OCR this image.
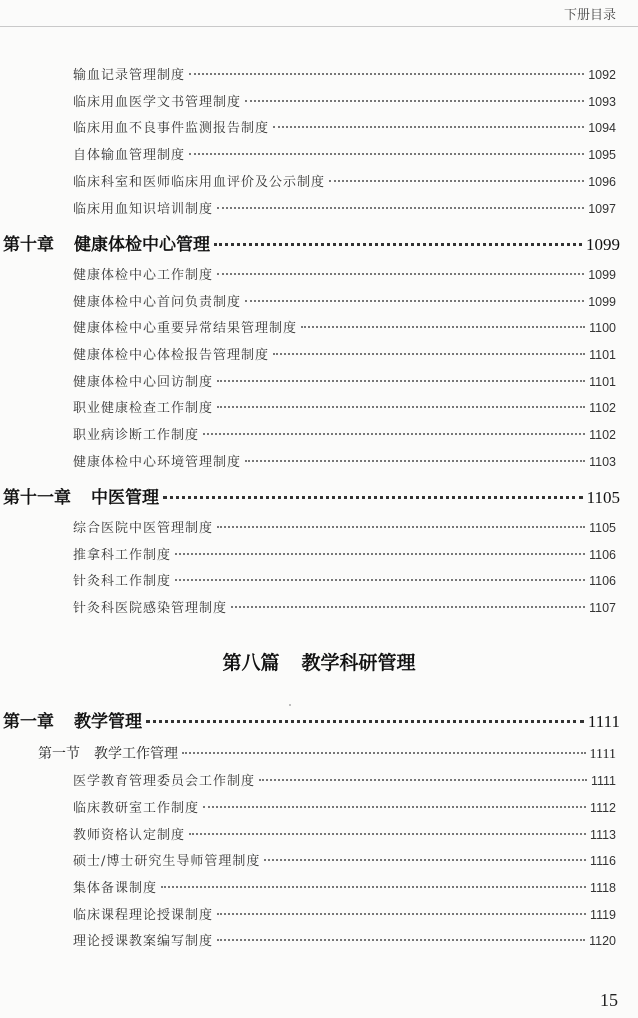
下册目录
输血记录管理制度	1092
临床用血医学文书管理制度	1093
临床用血不良事件监测报告制度	1094
自体输血管理制度	1095
临床科室和医师临床用血评价及公示制度	1096
临床用血知识培训制度	1097
第十章 健康体检中心管理	1099
健康体检中心工作制度	1099
健康体检中心首问负责制度	1099
健康体检中心重要异常结果管理制度	1100
健康体检中心体检报告管理制度	1101
健康体检中心回访制度	1101
职业健康检查工作制度	1102
职业病诊断工作制度	1102
健康体检中心环境管理制度	1103
第十一章 中医管理	1105
综合医院中医管理制度	1105
推拿科工作制度	1106
针灸科工作制度	1106
针灸科医院感染管理制度	1107
第八篇 教学科研管理
第一章 教学管理	1111
第一节 教学工作管理	1111
医学教育管理委员会工作制度	1111
临床教研室工作制度	1112
教师资格认定制度	1113
硕士/博士研究生导师管理制度	1116
集体备课制度	1118
临床课程理论授课制度	1119
理论授课教案编写制度	1120
15
